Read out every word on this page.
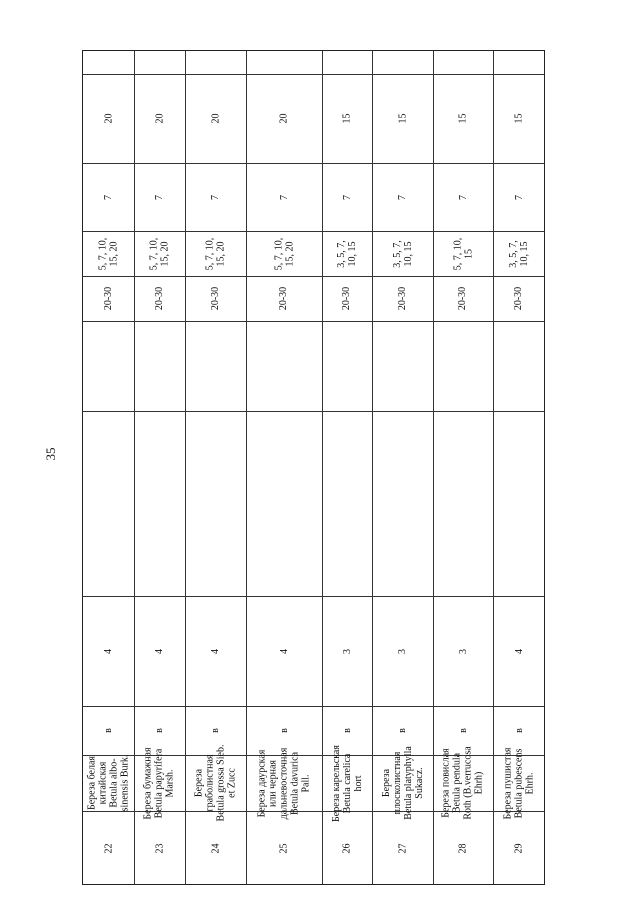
35
22
Береза белая китайская Betula albo- sinensis Burk.
в
4
20-30
5, 7, 10, 15, 20
7
20
23
Береза бумажная Betula papyrifera Marsh.
в
4
20-30
5, 7, 10, 15, 20
7
20
24
Береза граболистная Betula grossa Sieb. et Zucc
в
4
20-30
5, 7, 10, 15, 20
7
20
25
Береза даурская или черная дальневосточная Betula davurica Pall.
в
4
20-30
5, 7, 10, 15, 20
7
20
26
Береза карельская Betula carelica hort
в
3
20-30
3, 5, 7, 10, 15
7
15
27
Береза плосколистная Betula platyphylla Sukacz.
в
3
20-30
3, 5, 7, 10, 15
7
15
28
Береза повислая Betula pendula Roth (B.verrucosa Ehrh)
в
3
20-30
5, 7, 10, 15
7
15
29
Береза пушистая Betula pubescens Ehrh.
в
4
20-30
3, 5, 7, 10, 15
7
15
